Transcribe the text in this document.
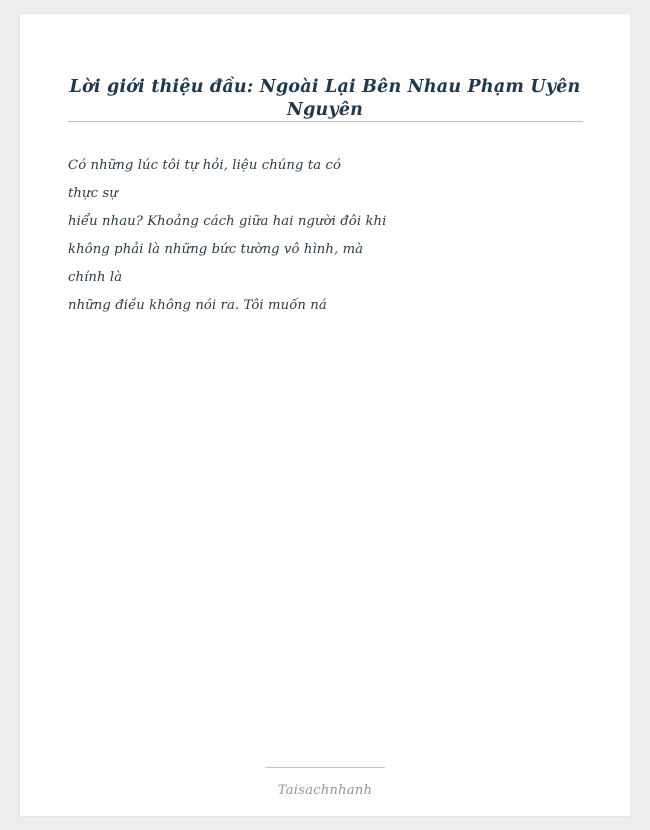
Lời giới thiệu đầu: Ngoài Lại Bên Nhau Phạm Uyên Nguyên
Có những lúc tôi tự hỏi, liệu chúng ta có
thực sự
hiểu nhau? Khoảng cách giữa hai người đôi khi
không phải là những bức tường vô hình, mà
chính là
những điều không nói ra. Tôi muốn ná
Taisachnhanh
